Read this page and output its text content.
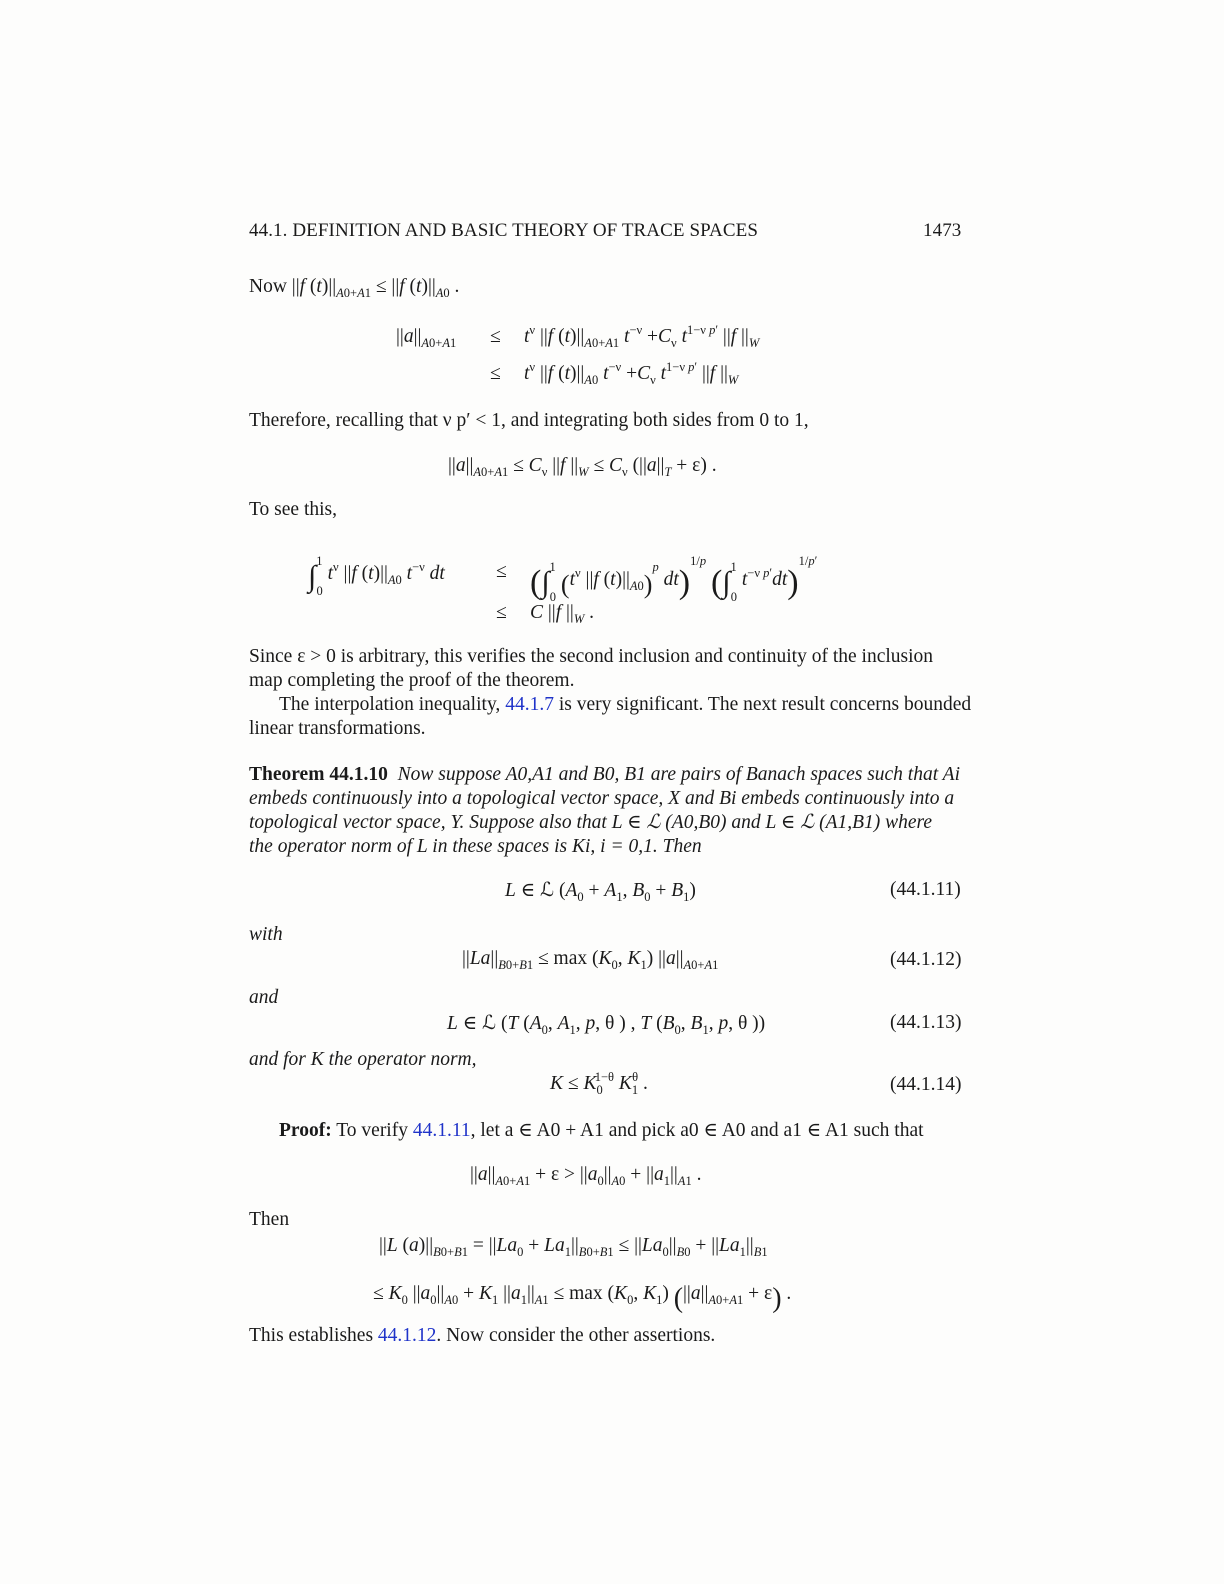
44.1. DEFINITION AND BASIC THEORY OF TRACE SPACES	1473
Now ||f $(t)||_{A0+A1} \le ||f$ $(t)||_{A0}$ .
$||a||_{A0+A1} \le t^\nu$ ||f $(t)||_{A0+A1}$ $t^{-\nu} +C_\nu$ $t^{1-\nu p'}$ ||f $||_W$
≤ $t^\nu$ ||f $(t)||_{A0}$ $t^{-\nu} +C_\nu$ $t^{1-\nu p'}$ ||f $||_W$
Therefore, recalling that ν p′ < 1, and integrating both sides from 0 to 1,
$||a||_{A0+A1} \le C_\nu$ ||f $||_W \le C_\nu$ $(||a||_T + \varepsilon)$ .
To see this,
∫$^1_0$ $t^\nu$ ||f $(t)||_{A0}$ $t^{-\nu}$ dt	≤ (∫$^1_0$ ($t^\nu$ ||f $(t)||_{A0})^p$ dt)$^{1/p}$ (∫$^1_0$ $t^{-\nu p'}dt)^{1/p'}$
≤ C ||f $||_W$ .
Since ε > 0 is arbitrary, this verifies the second inclusion and continuity of the inclusion
map completing the proof of the theorem.
The interpolation inequality, 44.1.7 is very significant. The next result concerns bounded
linear transformations.
Theorem 44.1.10 Now suppose A0,A1 and B0, B1 are pairs of Banach spaces such that Ai
embeds continuously into a topological vector space, X and Bi embeds continuously into a
topological vector space, Y. Suppose also that L ∈ ℒ (A0,B0) and L ∈ ℒ (A1,B1) where
the operator norm of L in these spaces is Ki, i = 0,1. Then
L ∈ ℒ ($A_0 + A_1$, $B_0 + B_1$)	(44.1.11)
with
$||La||_{B0+B1} \le \max (K_0$, $K_1$) $||a||_{A0+A1}$	(44.1.12)
and
L ∈ ℒ (T ($A_0$, $A_1$, p, θ ) , T ($B_0$, $B_1$, p, θ ))	(44.1.13)
and for K the operator norm,
$K \le K_0^{1-\theta}$ $K_1^\theta$ .	(44.1.14)
Proof: To verify 44.1.11, let a ∈ A0 + A1 and pick a0 ∈ A0 and a1 ∈ A1 such that
$||a||_{A0+A1} + \varepsilon > ||a_0||_{A0} + ||a_1||_{A1}$ .
Then
||L $(a)||_{B0+B1} = ||La_0 + La_1||_{B0+B1} \le ||La_0||_{B0} + ||La_1||_{B1}$
≤ $K_0$ $||a_0||_{A0} + K_1$ $||a_1||_{A1} \le \max (K_0$, $K_1$) $(||a||_{A0+A1} + \varepsilon)$ .
This establishes 44.1.12. Now consider the other assertions.
